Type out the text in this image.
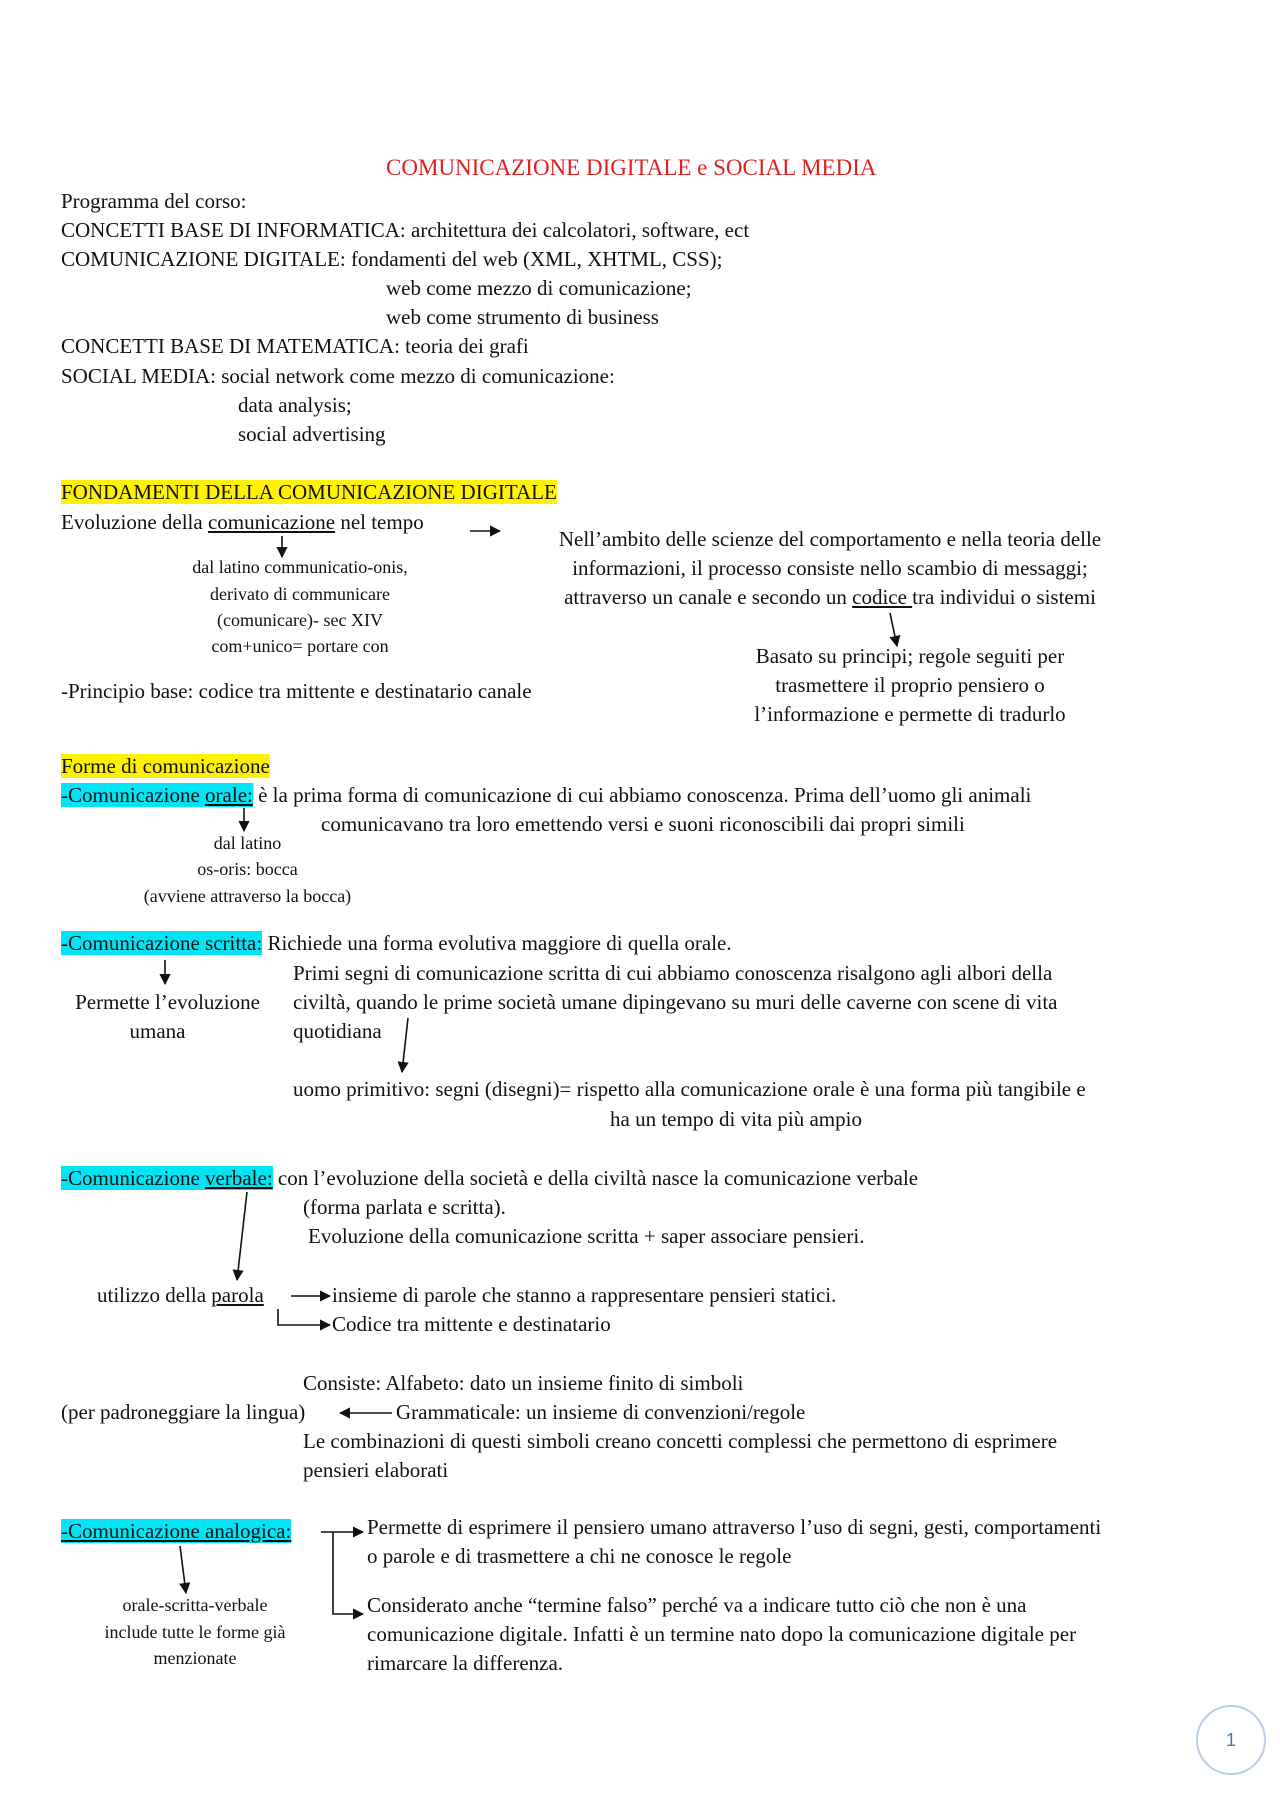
COMUNICAZIONE DIGITALE e SOCIAL MEDIA
Programma del corso:
CONCETTI BASE DI INFORMATICA: architettura dei calcolatori, software, ect
COMUNICAZIONE DIGITALE: fondamenti del web (XML, XHTML, CSS);
web come mezzo di comunicazione;
web come strumento di business
CONCETTI BASE DI MATEMATICA: teoria dei grafi
SOCIAL MEDIA: social network come mezzo di comunicazione:
data analysis;
social advertising
FONDAMENTI DELLA COMUNICAZIONE DIGITALE
Evoluzione della comunicazione nel tempo
dal latino communicatio-onis,
derivato di communicare
(comunicare)- sec XIV
com+unico= portare con
-Principio base: codice tra mittente e destinatario canale
Nell’ambito delle scienze del comportamento e nella teoria delle
informazioni, il processo consiste nello scambio di messaggi;
attraverso un canale e secondo un codice tra individui o sistemi
Basato su principi; regole seguiti per
trasmettere il proprio pensiero o
l’informazione e permette di tradurlo
Forme di comunicazione
-Comunicazione orale: è la prima forma di comunicazione di cui abbiamo conoscenza. Prima dell’uomo gli animali
comunicavano tra loro emettendo versi e suoni riconoscibili dai propri simili
dal latino
os-oris: bocca
(avviene attraverso la bocca)
-Comunicazione scritta: Richiede una forma evolutiva maggiore di quella orale.
Primi segni di comunicazione scritta di cui abbiamo conoscenza risalgono agli albori della
civiltà, quando le prime società umane dipingevano su muri delle caverne con scene di vita
quotidiana
Permette l’evoluzione
umana
uomo primitivo: segni (disegni)= rispetto alla comunicazione orale è una forma più tangibile e
ha un tempo di vita più ampio
-Comunicazione verbale: con l’evoluzione della società e della civiltà nasce la comunicazione verbale
(forma parlata e scritta).
Evoluzione della comunicazione scritta + saper associare pensieri.
utilizzo della parola	insieme di parole che stanno a rappresentare pensieri statici.
Codice tra mittente e destinatario
Consiste: Alfabeto: dato un insieme finito di simboli
(per padroneggiare la lingua)	Grammaticale: un insieme di convenzioni/regole
Le combinazioni di questi simboli creano concetti complessi che permettono di esprimere
pensieri elaborati
-Comunicazione analogica:	Permette di esprimere il pensiero umano attraverso l’uso di segni, gesti, comportamenti
o parole e di trasmettere a chi ne conosce le regole
Considerato anche “termine falso” perché va a indicare tutto ciò che non è una
comunicazione digitale. Infatti è un termine nato dopo la comunicazione digitale per
rimarcare la differenza.
orale-scritta-verbale
include tutte le forme già
menzionate
1
